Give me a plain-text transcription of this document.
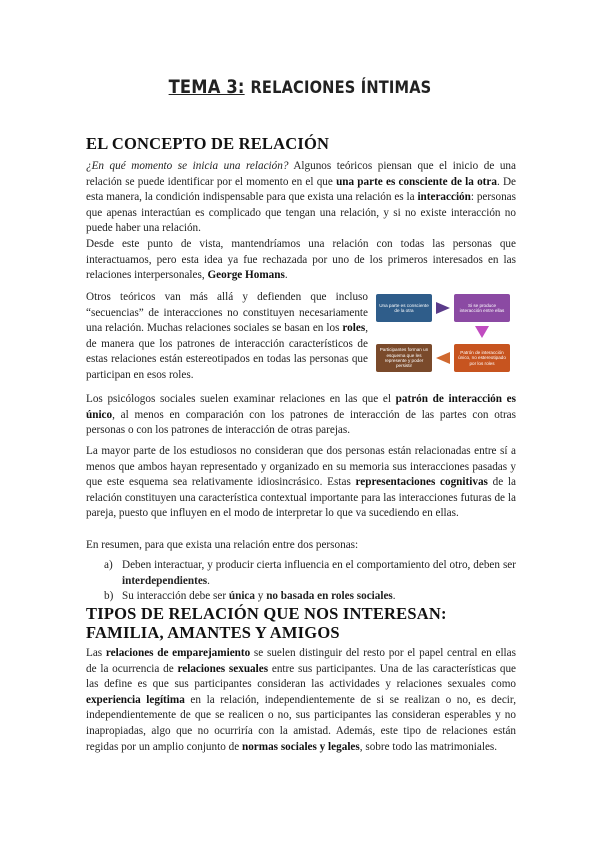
TEMA 3: RELACIONES ÍNTIMAS
EL CONCEPTO DE RELACIÓN

¿En qué momento se inicia una relación? Algunos teóricos piensan que el inicio de una relación se puede identificar por el momento en el que una parte es consciente de la otra. De esta manera, la condición indispensable para que exista una relación es la interacción: personas que apenas interactúan es complicado que tengan una relación, y si no existe interacción no puede haber una relación.

Desde este punto de vista, mantendríamos una relación con todas las personas que interactuamos, pero esta idea ya fue rechazada por uno de los primeros interesados en las relaciones interpersonales, George Homans.

Otros teóricos van más allá y defienden que incluso “secuencias” de interacciones no constituyen necesariamente una relación. Muchas relaciones sociales se basan en los roles, de manera que los patrones de interacción característicos de estas relaciones están estereotipados en todas las personas que participan en esos roles.

Una parte es consciente de la otra
Si se produce interacción entre ellas
Patrón de interacción único, no estereotipado por los roles
Participantes forman un esquema que les represente y poder persistir

Los psicólogos sociales suelen examinar relaciones en las que el patrón de interacción es único, al menos en comparación con los patrones de interacción de las partes con otras personas o con los patrones de interacción de otras parejas.

La mayor parte de los estudiosos no consideran que dos personas están relacionadas entre sí a menos que ambos hayan representado y organizado en su memoria sus interacciones pasadas y que este esquema sea relativamente idiosincrásico. Estas representaciones cognitivas de la relación constituyen una característica contextual importante para las interacciones futuras de la pareja, puesto que influyen en el modo de interpretar lo que va sucediendo en ellas.

En resumen, para que exista una relación entre dos personas:

a) Deben interactuar, y producir cierta influencia en el comportamiento del otro, deben ser interdependientes.
b) Su interacción debe ser única y no basada en roles sociales.
TIPOS DE RELACIÓN QUE NOS INTERESAN: FAMILIA, AMANTES Y AMIGOS

Las relaciones de emparejamiento se suelen distinguir del resto por el papel central en ellas de la ocurrencia de relaciones sexuales entre sus participantes. Una de las características que las define es que sus participantes consideran las actividades y relaciones sexuales como experiencia legítima en la relación, independientemente de si se realizan o no, es decir, independientemente de que se realicen o no, sus participantes las consideran esperables y no inapropiadas, algo que no ocurriría con la amistad. Además, este tipo de relaciones están regidas por un amplio conjunto de normas sociales y legales, sobre todo las matrimoniales.
